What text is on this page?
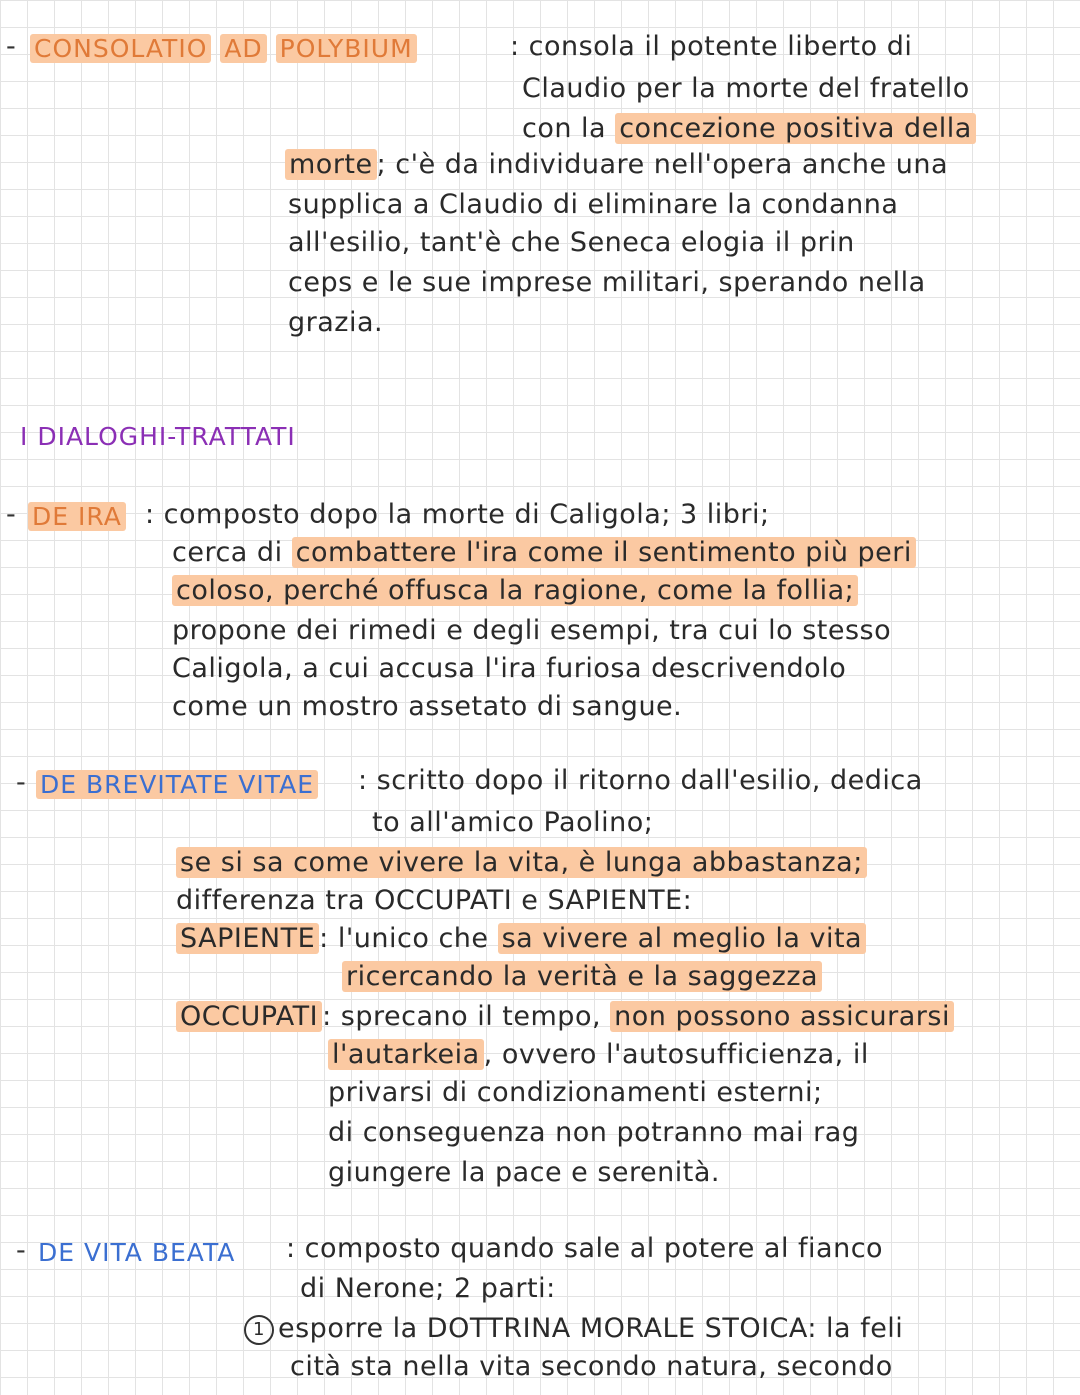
- CONSOLATIO AD POLYBIUM	: consola il potente liberto di
Claudio per la morte del fratello
con la concezione positiva della
morte ; c'è da individuare nell'opera anche una
supplica a Claudio di eliminare la condanna
all'esilio, tant'è che Seneca elogia il prin
ceps e le sue imprese militari, sperando nella
grazia.
I DIALOGHI-TRATTATI
- DE IRA : composto dopo la morte di Caligola; 3 libri;
cerca di combattere l'ira come il sentimento più peri
coloso, perché offusca la ragione, come la follia;
propone dei rimedi e degli esempi, tra cui lo stesso
Caligola, a cui accusa l'ira furiosa descrivendolo
come un mostro assetato di sangue.
- DE BREVITATE VITAE : scritto dopo il ritorno dall'esilio, dedica
to all'amico Paolino;
se si sa come vivere la vita, è lunga abbastanza;
differenza tra OCCUPATI e SAPIENTE:
SAPIENTE : l'unico che sa vivere al meglio la vita
ricercando la verità e la saggezza
OCCUPATI : sprecano il tempo, non possono assicurarsi
l'autarkeia , ovvero l'autosufficienza, il
privarsi di condizionamenti esterni;
di conseguenza non potranno mai rag
giungere la pace e serenità.
- DE VITA BEATA : composto quando sale al potere al fianco
di Nerone; 2 parti:
1 esporre la DOTTRINA MORALE STOICA: la feli
cità sta nella vita secondo natura, secondo
